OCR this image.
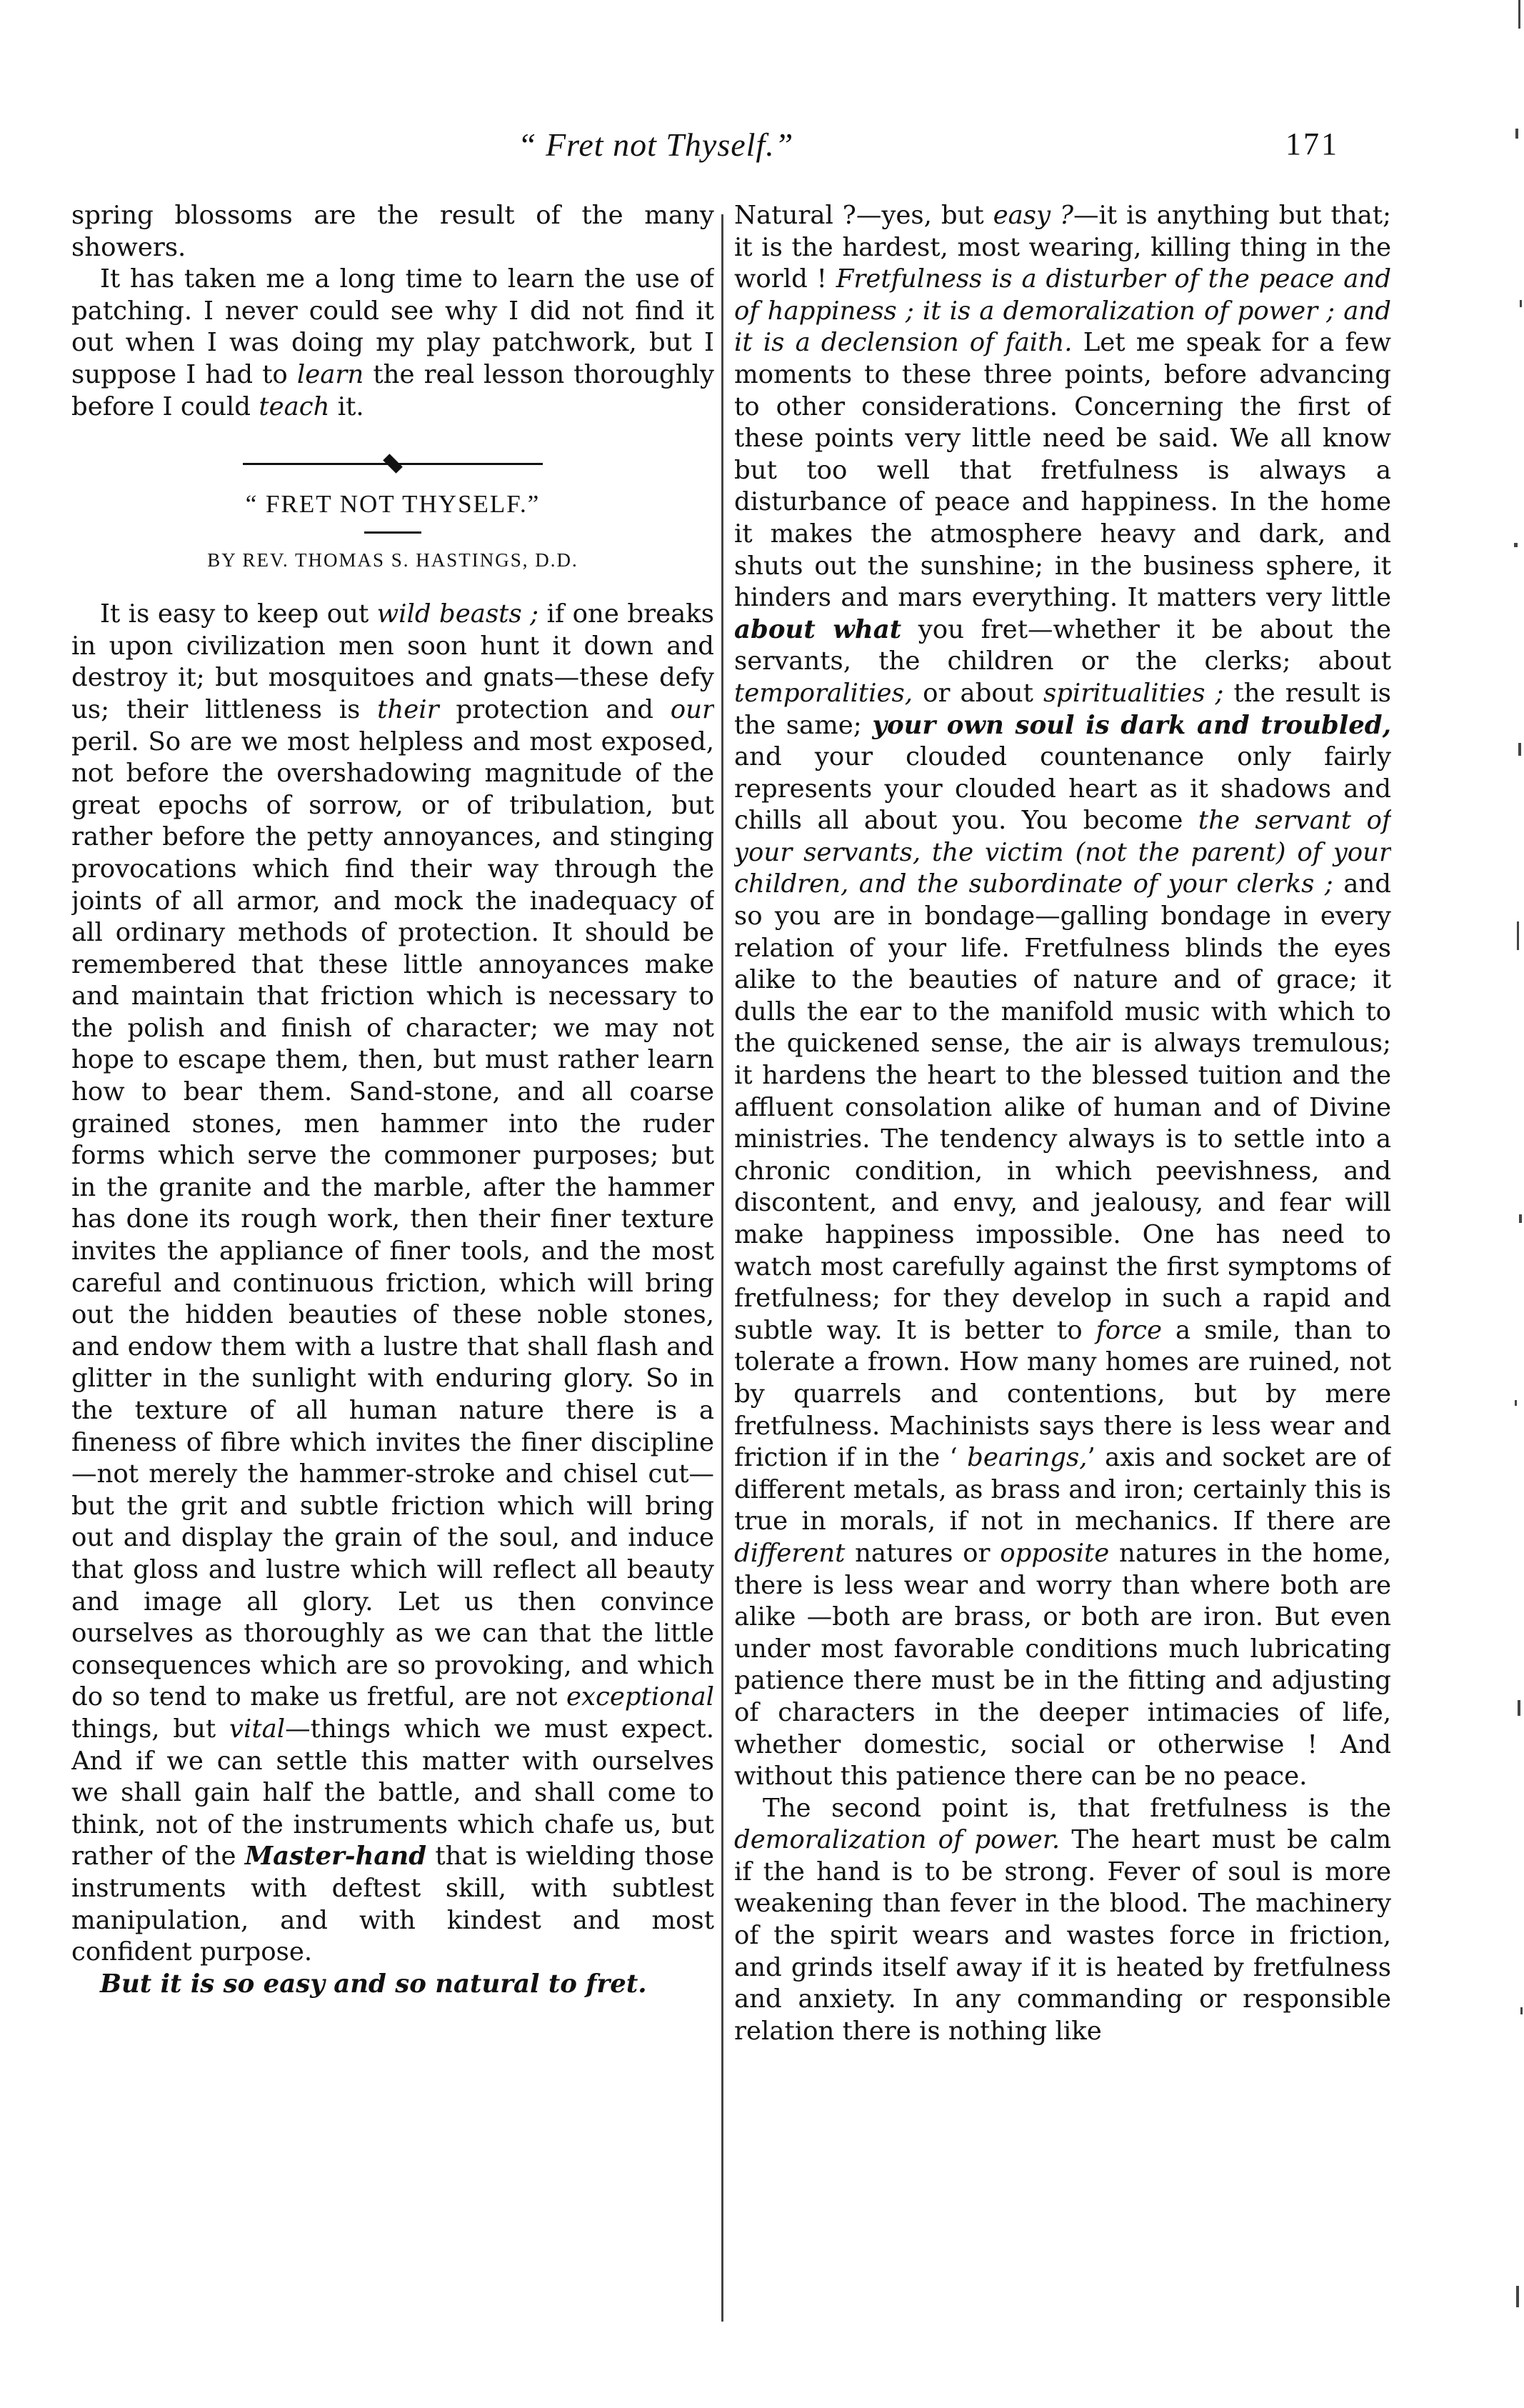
“ Fret not Thyself.”	171

spring blossoms are the result of the many showers.

It has taken me a long time to learn the use of patching. I never could see why I did not find it out when I was doing my play patchwork, but I suppose I had to learn the real lesson thoroughly before I could teach it.

“ FRET NOT THYSELF.”
BY REV. THOMAS S. HASTINGS, D.D.

It is easy to keep out wild beasts ; if one breaks in upon civilization men soon hunt it down and destroy it; but mosquitoes and gnats—these defy us; their littleness is their protection and our peril. So are we most helpless and most exposed, not before the overshadowing magnitude of the great epochs of sorrow, or of tribulation, but rather before the petty annoyances, and stinging provocations which find their way through the joints of all armor, and mock the inadequacy of all ordinary methods of protection. It should be remembered that these little annoyances make and maintain that friction which is necessary to the polish and finish of character; we may not hope to escape them, then, but must rather learn how to bear them. Sand-stone, and all coarse grained stones, men hammer into the ruder forms which serve the commoner purposes; but in the granite and the marble, after the hammer has done its rough work, then their finer texture invites the appliance of finer tools, and the most careful and continuous friction, which will bring out the hidden beauties of these noble stones, and endow them with a lustre that shall flash and glitter in the sunlight with enduring glory. So in the texture of all human nature there is a fineness of fibre which invites the finer discipline—not merely the hammer-stroke and chisel cut—but the grit and subtle friction which will bring out and display the grain of the soul, and induce that gloss and lustre which will reflect all beauty and image all glory. Let us then convince ourselves as thoroughly as we can that the little consequences which are so provoking, and which do so tend to make us fretful, are not exceptional things, but vital—things which we must expect. And if we can settle this matter with ourselves we shall gain half the battle, and shall come to think, not of the instruments which chafe us, but rather of the Master-hand that is wielding those instruments with deftest skill, with subtlest manipulation, and with kindest and most confident purpose.

But it is so easy and so natural to fret.

Natural ?—yes, but easy ?—it is anything but that; it is the hardest, most wearing, killing thing in the world ! Fretfulness is a disturber of the peace and of happiness ; it is a demoralization of power ; and it is a declension of faith. Let me speak for a few moments to these three points, before advancing to other considerations. Concerning the first of these points very little need be said. We all know but too well that fretfulness is always a disturbance of peace and happiness. In the home it makes the atmosphere heavy and dark, and shuts out the sunshine; in the business sphere, it hinders and mars everything. It matters very little about what you fret—whether it be about the servants, the children or the clerks; about temporalities, or about spiritualities ; the result is the same; your own soul is dark and troubled, and your clouded countenance only fairly represents your clouded heart as it shadows and chills all about you. You become the servant of your servants, the victim (not the parent) of your children, and the subordinate of your clerks ; and so you are in bondage—galling bondage in every relation of your life. Fretfulness blinds the eyes alike to the beauties of nature and of grace; it dulls the ear to the manifold music with which to the quickened sense, the air is always tremulous; it hardens the heart to the blessed tuition and the affluent consolation alike of human and of Divine ministries. The tendency always is to settle into a chronic condition, in which peevishness, and discontent, and envy, and jealousy, and fear will make happiness impossible. One has need to watch most carefully against the first symptoms of fretfulness; for they develop in such a rapid and subtle way. It is better to force a smile, than to tolerate a frown. How many homes are ruined, not by quarrels and contentions, but by mere fretfulness. Machinists says there is less wear and friction if in the ‘ bearings,’ axis and socket are of different metals, as brass and iron; certainly this is true in morals, if not in mechanics. If there are different natures or opposite natures in the home, there is less wear and worry than where both are alike —both are brass, or both are iron. But even under most favorable conditions much lubricating patience there must be in the fitting and adjusting of characters in the deeper intimacies of life, whether domestic, social or otherwise ! And without this patience there can be no peace.

The second point is, that fretfulness is the demoralization of power. The heart must be calm if the hand is to be strong. Fever of soul is more weakening than fever in the blood. The machinery of the spirit wears and wastes force in friction, and grinds itself away if it is heated by fretfulness and anxiety. In any commanding or responsible relation there is nothing like
